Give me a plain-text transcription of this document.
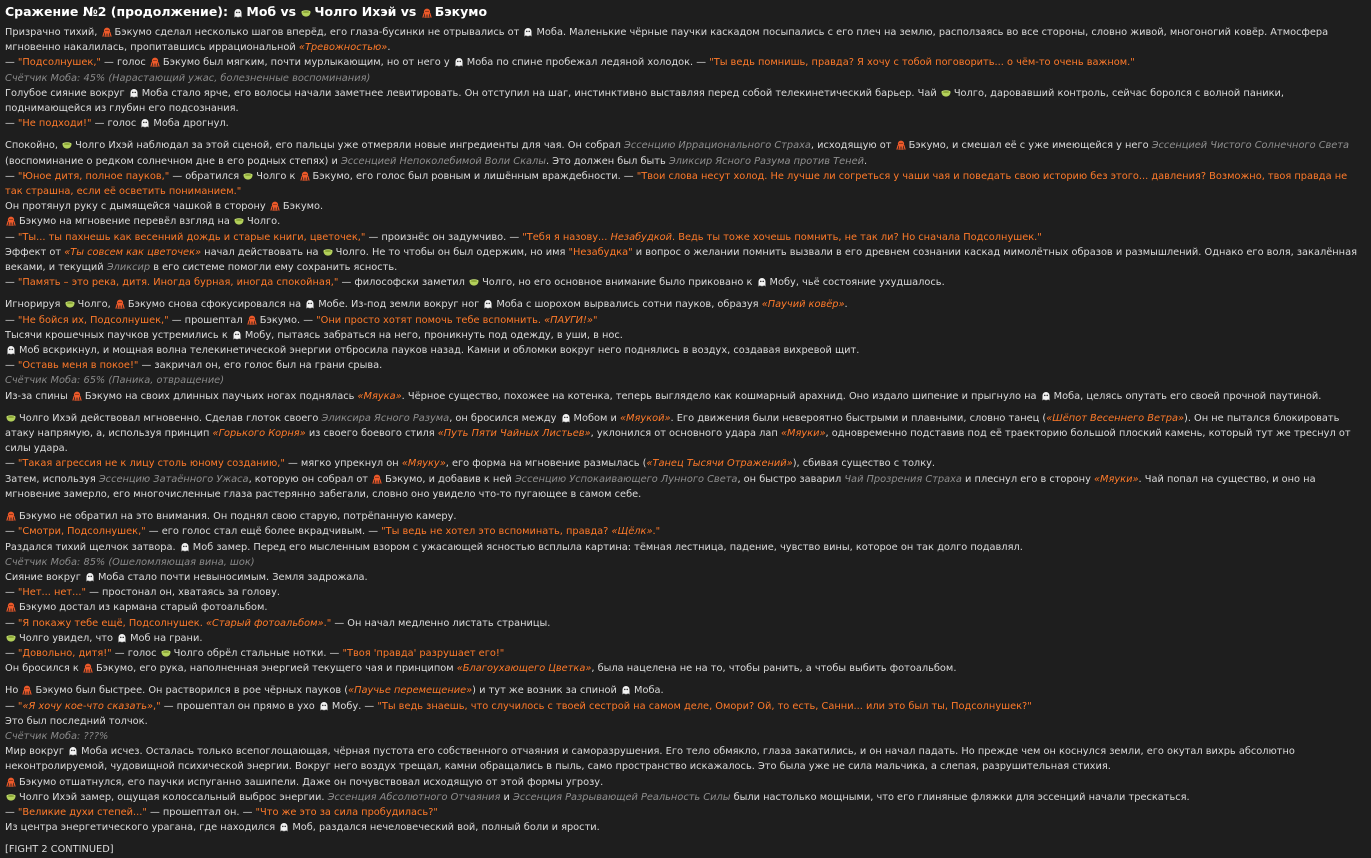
Сражение №2 (продолжение):
Моб vs
Чолго Ихэй vs
Бэкумо
Призрачно тихий,
Бэкумо сделал несколько шагов вперёд, его глаза-бусинки не отрывались от
Моба. Маленькие чёрные паучки каскадом посыпались с его плеч на землю, расползаясь во все стороны, словно живой, многоногий ковёр. Атмосфера мгновенно накалилась, пропитавшись иррациональной «Тревожностью».
— "Подсолнушек," — голос
Бэкумо был мягким, почти мурлыкающим, но от него у
Моба по спине пробежал ледяной холодок. — "Ты ведь помнишь, правда? Я хочу с тобой поговорить... о чём-то очень важном."
Счётчик Моба: 45% (Нарастающий ужас, болезненные воспоминания)
Голубое сияние вокруг
Моба стало ярче, его волосы начали заметнее левитировать. Он отступил на шаг, инстинктивно выставляя перед собой телекинетический барьер. Чай
Чолго, даровавший контроль, сейчас боролся с волной паники, поднимающейся из глубин его подсознания.
— "Не подходи!" — голос
Моба дрогнул.
Спокойно,
Чолго Ихэй наблюдал за этой сценой, его пальцы уже отмеряли новые ингредиенты для чая. Он собрал Эссенцию Иррационального Страха, исходящую от
Бэкумо, и смешал её с уже имеющейся у него Эссенцией Чистого Солнечного Света (воспоминание о редком солнечном дне в его родных степях) и Эссенцией Непоколебимой Воли Скалы. Это должен был быть Эликсир Ясного Разума против Теней.
— "Юное дитя, полное пауков," — обратился
Чолго к
Бэкумо, его голос был ровным и лишённым враждебности. — "Твои слова несут холод. Не лучше ли согреться у чаши чая и поведать свою историю без этого... давления? Возможно, твоя правда не так страшна, если её осветить пониманием."
Он протянул руку с дымящейся чашкой в сторону
Бэкумо.
Бэкумо на мгновение перевёл взгляд на
Чолго.
— "Ты... ты пахнешь как весенний дождь и старые книги, цветочек," — произнёс он задумчиво. — "Тебя я назову... Незабудкой. Ведь ты тоже хочешь помнить, не так ли? Но сначала Подсолнушек."
Эффект от «Ты совсем как цветочек» начал действовать на
Чолго. Не то чтобы он был одержим, но имя "Незабудка" и вопрос о желании помнить вызвали в его древнем сознании каскад мимолётных образов и размышлений. Однако его воля, закалённая веками, и текущий Эликсир в его системе помогли ему сохранить ясность.
— "Память – это река, дитя. Иногда бурная, иногда спокойная," — философски заметил
Чолго, но его основное внимание было приковано к
Мобу, чьё состояние ухудшалось.
Игнорируя
Чолго,
Бэкумо снова сфокусировался на
Мобе. Из-под земли вокруг ног
Моба с шорохом вырвались сотни пауков, образуя «Паучий ковёр».
— "Не бойся их, Подсолнушек," — прошептал
Бэкумо. — "Они просто хотят помочь тебе вспомнить. «ПАУГИ!»"
Тысячи крошечных паучков устремились к
Мобу, пытаясь забраться на него, проникнуть под одежду, в уши, в нос.
Моб вскрикнул, и мощная волна телекинетической энергии отбросила пауков назад. Камни и обломки вокруг него поднялись в воздух, создавая вихревой щит.
— "Оставь меня в покое!" — закричал он, его голос был на грани срыва.
Счётчик Моба: 65% (Паника, отвращение)
Из-за спины
Бэкумо на своих длинных паучьих ногах поднялась «Мяука». Чёрное существо, похожее на котенка, теперь выглядело как кошмарный арахнид. Оно издало шипение и прыгнуло на
Моба, целясь опутать его своей прочной паутиной.
Чолго Ихэй действовал мгновенно. Сделав глоток своего Эликсира Ясного Разума, он бросился между
Мобом и «Мяукой». Его движения были невероятно быстрыми и плавными, словно танец («Шёпот Весеннего Ветра»). Он не пытался блокировать атаку напрямую, а, используя принцип «Горького Корня» из своего боевого стиля «Путь Пяти Чайных Листьев», уклонился от основного удара лап «Мяуки», одновременно подставив под её траекторию большой плоский камень, который тут же треснул от силы удара.
— "Такая агрессия не к лицу столь юному созданию," — мягко упрекнул он «Мяуку», его форма на мгновение размылась («Танец Тысячи Отражений»), сбивая существо с толку.
Затем, используя Эссенцию Затаённого Ужаса, которую он собрал от
Бэкумо, и добавив к ней Эссенцию Успокаивающего Лунного Света, он быстро заварил Чай Прозрения Страха и плеснул его в сторону «Мяуки». Чай попал на существо, и оно на мгновение замерло, его многочисленные глаза растерянно забегали, словно оно увидело что-то пугающее в самом себе.
Бэкумо не обратил на это внимания. Он поднял свою старую, потрёпанную камеру.
— "Смотри, Подсолнушек," — его голос стал ещё более вкрадчивым. — "Ты ведь не хотел это вспоминать, правда? «Щёлк»."
Раздался тихий щелчок затвора.
Моб замер. Перед его мысленным взором с ужасающей ясностью всплыла картина: тёмная лестница, падение, чувство вины, которое он так долго подавлял.
Счётчик Моба: 85% (Ошеломляющая вина, шок)
Сияние вокруг
Моба стало почти невыносимым. Земля задрожала.
— "Нет... нет..." — простонал он, хватаясь за голову.
Бэкумо достал из кармана старый фотоальбом.
— "Я покажу тебе ещё, Подсолнушек. «Старый фотоальбом»." — Он начал медленно листать страницы.
Чолго увидел, что
Моб на грани.
— "Довольно, дитя!" — голос
Чолго обрёл стальные нотки. — "Твоя 'правда' разрушает его!"
Он бросился к
Бэкумо, его рука, наполненная энергией текущего чая и принципом «Благоухающего Цветка», была нацелена не на то, чтобы ранить, а чтобы выбить фотоальбом.
Но
Бэкумо был быстрее. Он растворился в рое чёрных пауков («Паучье перемещение») и тут же возник за спиной
Моба.
— "«Я хочу кое-что сказать»," — прошептал он прямо в ухо
Мобу. — "Ты ведь знаешь, что случилось с твоей сестрой на самом деле, Омори? Ой, то есть, Санни... или это был ты, Подсолнушек?"
Это был последний толчок.
Счётчик Моба: ???%
Мир вокруг
Моба исчез. Осталась только всепоглощающая, чёрная пустота его собственного отчаяния и саморазрушения. Его тело обмякло, глаза закатились, и он начал падать. Но прежде чем он коснулся земли, его окутал вихрь абсолютно неконтролируемой, чудовищной психической энергии. Вокруг него воздух трещал, камни обращались в пыль, само пространство искажалось. Это была уже не сила мальчика, а слепая, разрушительная стихия.
Бэкумо отшатнулся, его паучки испуганно зашипели. Даже он почувствовал исходящую от этой формы угрозу.
Чолго Ихэй замер, ощущая колоссальный выброс энергии. Эссенция Абсолютного Отчаяния и Эссенция Разрывающей Реальность Силы были настолько мощными, что его глиняные фляжки для эссенций начали трескаться.
— "Великие духи степей..." — прошептал он. — "Что же это за сила пробудилась?"
Из центра энергетического урагана, где находился
Моб, раздался нечеловеческий вой, полный боли и ярости.
[FIGHT 2 CONTINUED]
